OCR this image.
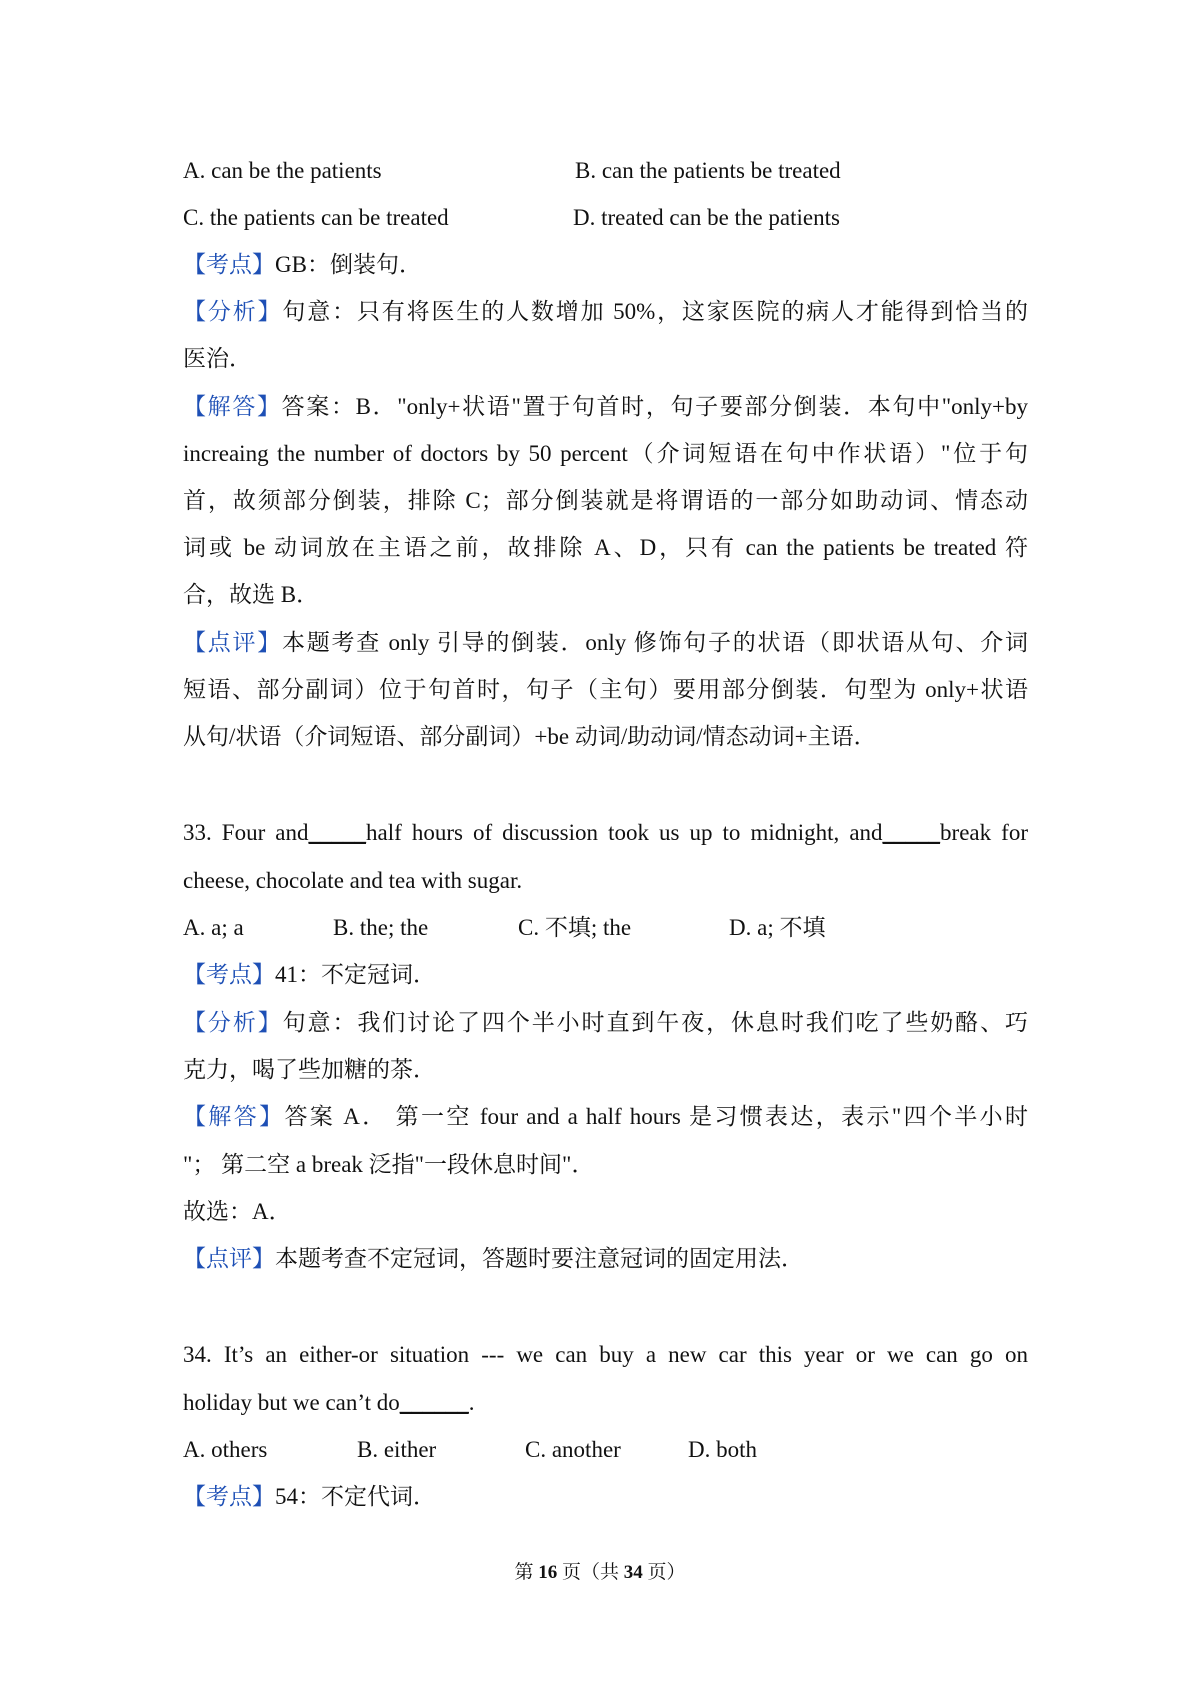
A. can be the patients	B. can the patients be treated
C. the patients can be treated	D. treated can be the patients
【考点】GB：倒装句．
【分析】句意：只有将医生的人数增加 50%，这家医院的病人才能得到恰当的
医治．
【解答】答案：B．"only+状语"置于句首时，句子要部分倒装．本句中"only+by
increaing the number of doctors by 50 percent（介词短语在句中作状语）"位于句
首，故须部分倒装，排除 C；部分倒装就是将谓语的一部分如助动词、情态动
词或 be 动词放在主语之前，故排除 A、D，只有 can the patients be treated 符
合，故选 B．
【点评】本题考查 only 引导的倒装．only 修饰句子的状语（即状语从句、介词
短语、部分副词）位于句首时，句子（主句）要用部分倒装．句型为 only+状语
从句/状语（介词短语、部分副词）+be 动词/助动词/情态动词+主语．
33. Four and_____half hours of discussion took us up to midnight, and_____break for
cheese, chocolate and tea with sugar.
A. a; a	B. the; the	C. 不填; the	D. a; 不填
【考点】41：不定冠词．
【分析】句意：我们讨论了四个半小时直到午夜，休息时我们吃了些奶酪、巧
克力，喝了些加糖的茶．
【解答】答案 A． 第一空 four and a half hours 是习惯表达，表示"四个半小时
"； 第二空 a break 泛指"一段休息时间"．
故选：A．
【点评】本题考查不定冠词，答题时要注意冠词的固定用法．
34. It’s an either-or situation --- we can buy a new car this year or we can go on
holiday but we can’t do______.
A. others	B. either	C. another	D. both
【考点】54：不定代词．
第 16 页（共 34 页）
